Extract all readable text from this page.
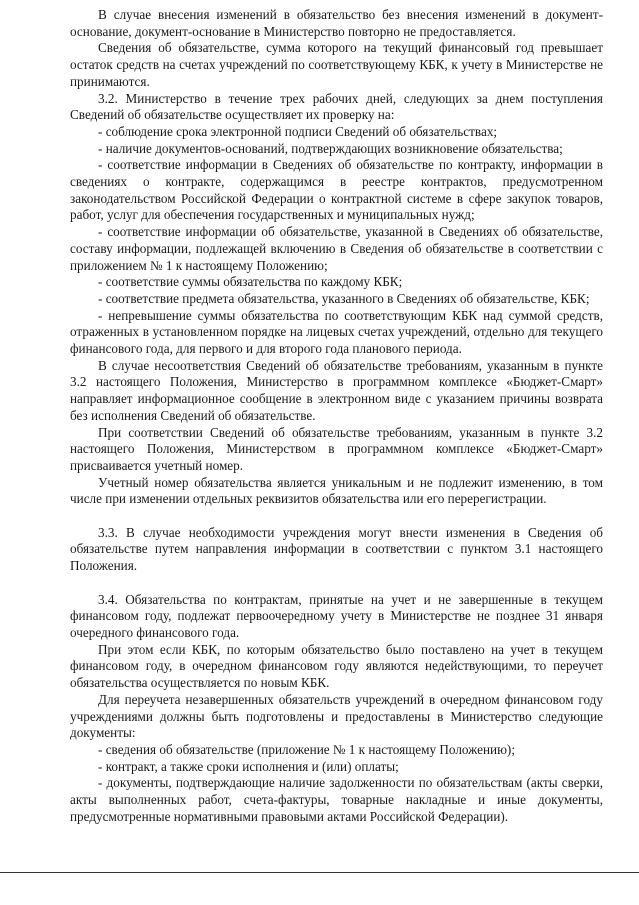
В случае внесения изменений в обязательство без внесения изменений в документ-основание, документ-основание в Министерство повторно не предоставляется.

Сведения об обязательстве, сумма которого на текущий финансовый год превышает остаток средств на счетах учреждений по соответствующему КБК, к учету в Министерстве не принимаются.

3.2. Министерство в течение трех рабочих дней, следующих за днем поступления Сведений об обязательстве осуществляет их проверку на:

- соблюдение срока электронной подписи Сведений об обязательствах;

- наличие документов-оснований, подтверждающих возникновение обязательства;

- соответствие информации в Сведениях об обязательстве по контракту, информации в сведениях о контракте, содержащимся в реестре контрактов, предусмотренном законодательством Российской Федерации о контрактной системе в сфере закупок товаров, работ, услуг для обеспечения государственных и муниципальных нужд;

- соответствие информации об обязательстве, указанной в Сведениях об обязательстве, составу информации, подлежащей включению в Сведения об обязательстве в соответствии с приложением № 1 к настоящему Положению;

- соответствие суммы обязательства по каждому КБК;

- соответствие предмета обязательства, указанного в Сведениях об обязательстве, КБК;

- непревышение суммы обязательства по соответствующим КБК над суммой средств, отраженных в установленном порядке на лицевых счетах учреждений, отдельно для текущего финансового года, для первого и для второго года планового периода.

В случае несоответствия Сведений об обязательстве требованиям, указанным в пункте 3.2 настоящего Положения, Министерство в программном комплексе «Бюджет-Смарт» направляет информационное сообщение в электронном виде с указанием причины возврата без исполнения Сведений об обязательстве.

При соответствии Сведений об обязательстве требованиям, указанным в пункте 3.2 настоящего Положения, Министерством в программном комплексе «Бюджет-Смарт» присваивается учетный номер.

Учетный номер обязательства является уникальным и не подлежит изменению, в том числе при изменении отдельных реквизитов обязательства или его перерегистрации.

3.3. В случае необходимости учреждения могут внести изменения в Сведения об обязательстве путем направления информации в соответствии с пунктом 3.1 настоящего Положения.

3.4. Обязательства по контрактам, принятые на учет и не завершенные в текущем финансовом году, подлежат первоочередному учету в Министерстве не позднее 31 января очередного финансового года.

При этом если КБК, по которым обязательство было поставлено на учет в текущем финансовом году, в очередном финансовом году являются недействующими, то переучет обязательства осуществляется по новым КБК.

Для переучета незавершенных обязательств учреждений в очередном финансовом году учреждениями должны быть подготовлены и предоставлены в Министерство следующие документы:

- сведения об обязательстве (приложение № 1 к настоящему Положению);

- контракт, а также сроки исполнения и (или) оплаты;

- документы, подтверждающие наличие задолженности по обязательствам (акты сверки, акты выполненных работ, счета-фактуры, товарные накладные и иные документы, предусмотренные нормативными правовыми актами Российской Федерации).
